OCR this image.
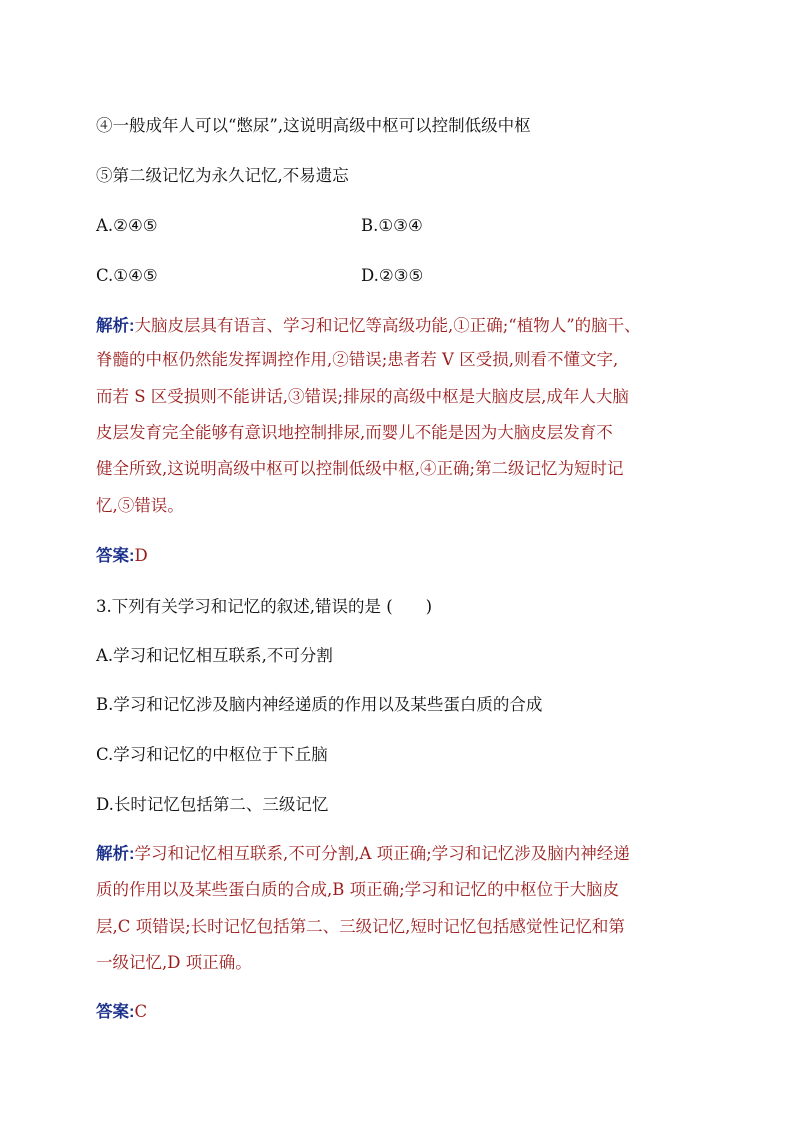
④一般成年人可以“憋尿”,这说明高级中枢可以控制低级中枢
⑤第二级记忆为永久记忆,不易遗忘
A.②④⑤	B.①③④
C.①④⑤	D.②③⑤
解析:大脑皮层具有语言、学习和记忆等高级功能,①正确;“植物人”的脑干、
脊髓的中枢仍然能发挥调控作用,②错误;患者若 V 区受损,则看不懂文字,
而若 S 区受损则不能讲话,③错误;排尿的高级中枢是大脑皮层,成年人大脑
皮层发育完全能够有意识地控制排尿,而婴儿不能是因为大脑皮层发育不
健全所致,这说明高级中枢可以控制低级中枢,④正确;第二级记忆为短时记
忆,⑤错误。
答案:D
3.下列有关学习和记忆的叙述,错误的是 (　　)
A.学习和记忆相互联系,不可分割
B.学习和记忆涉及脑内神经递质的作用以及某些蛋白质的合成
C.学习和记忆的中枢位于下丘脑
D.长时记忆包括第二、三级记忆
解析:学习和记忆相互联系,不可分割,A 项正确;学习和记忆涉及脑内神经递
质的作用以及某些蛋白质的合成,B 项正确;学习和记忆的中枢位于大脑皮
层,C 项错误;长时记忆包括第二、三级记忆,短时记忆包括感觉性记忆和第
一级记忆,D 项正确。
答案:C
